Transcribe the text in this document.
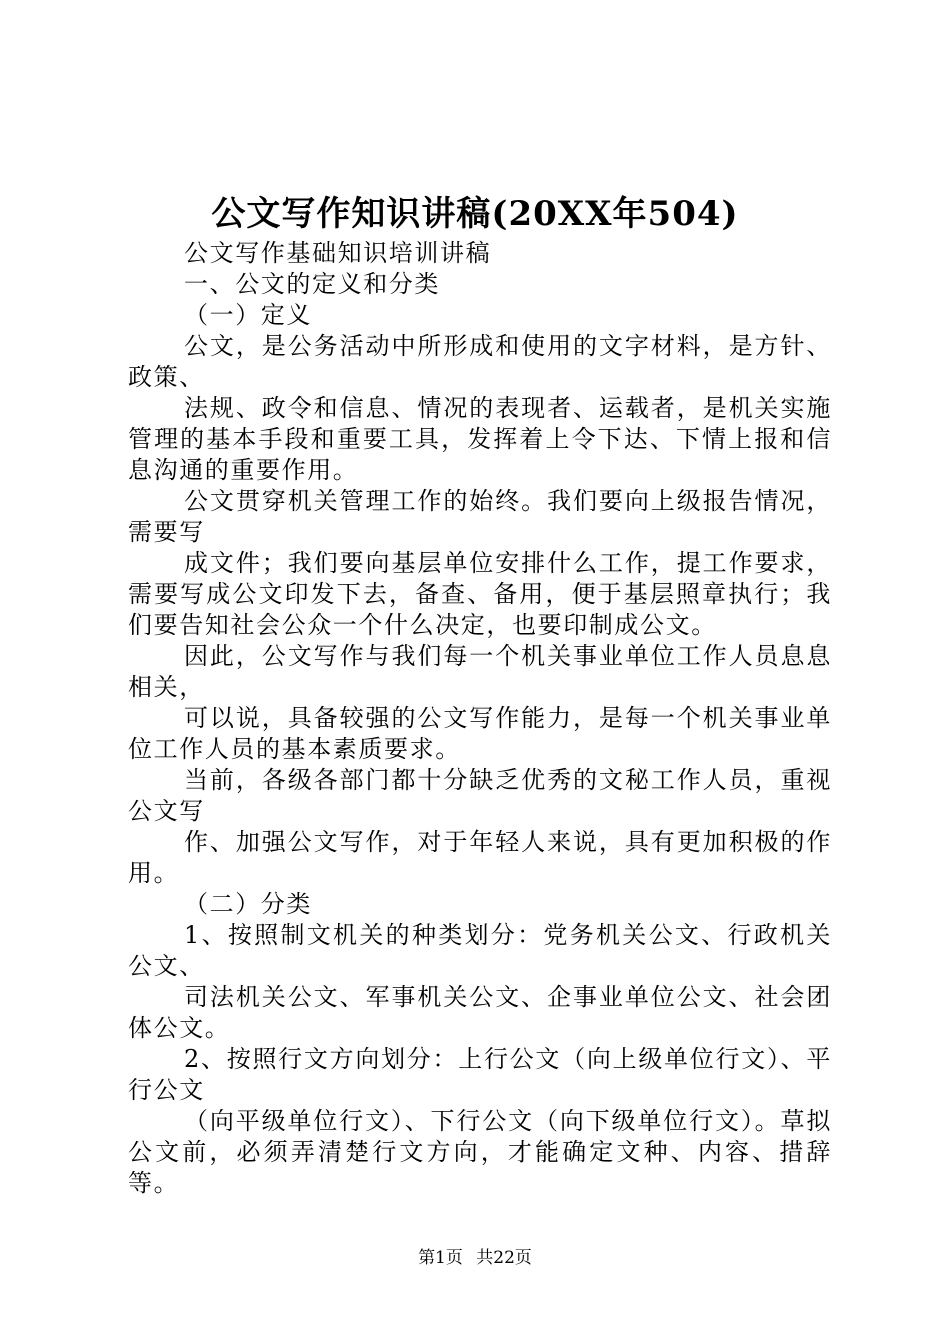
公文写作知识讲稿(20XX年504)

公文写作基础知识培训讲稿

一、公文的定义和分类

（一）定义

公文，是公务活动中所形成和使用的文字材料，是方针、政策、

法规、政令和信息、情况的表现者、运载者，是机关实施管理的基本手段和重要工具，发挥着上令下达、下情上报和信息沟通的重要作用。

公文贯穿机关管理工作的始终。我们要向上级报告情况，需要写

成文件；我们要向基层单位安排什么工作，提工作要求，需要写成公文印发下去，备查、备用，便于基层照章执行；我们要告知社会公众一个什么决定，也要印制成公文。

因此，公文写作与我们每一个机关事业单位工作人员息息相关，

可以说，具备较强的公文写作能力，是每一个机关事业单位工作人员的基本素质要求。

当前，各级各部门都十分缺乏优秀的文秘工作人员，重视公文写

作、加强公文写作，对于年轻人来说，具有更加积极的作用。

（二）分类

1、按照制文机关的种类划分：党务机关公文、行政机关公文、

司法机关公文、军事机关公文、企事业单位公文、社会团体公文。

2、按照行文方向划分：上行公文（向上级单位行文）、平行公文

（向平级单位行文）、下行公文（向下级单位行文）。草拟公文前，必须弄清楚行文方向，才能确定文种、内容、措辞等。

第1页 共22页
